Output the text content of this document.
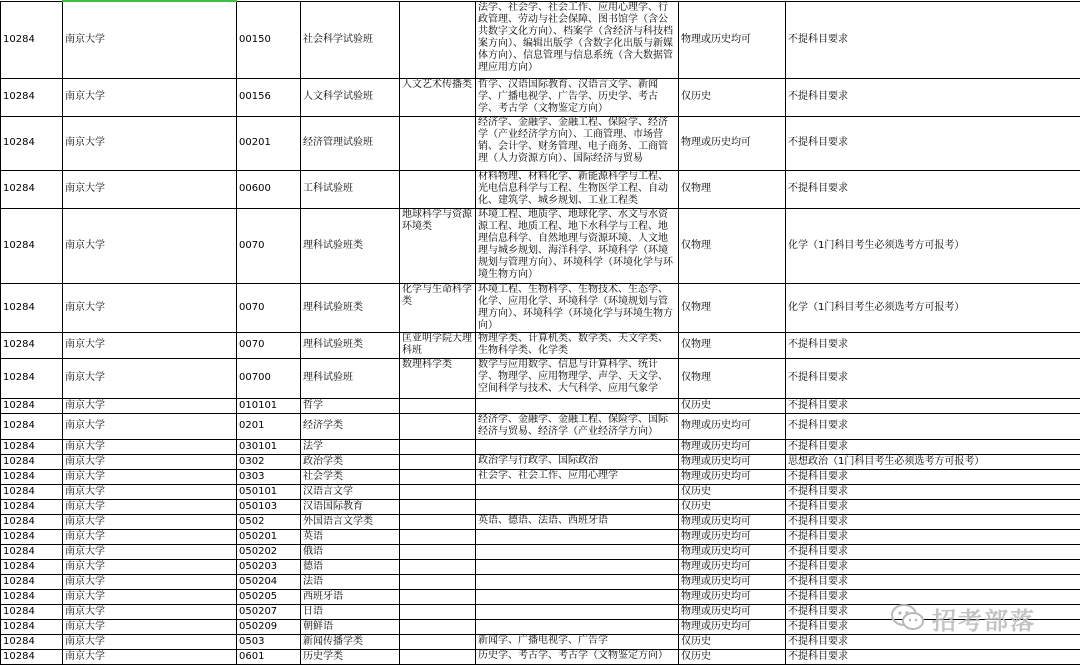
10284	南京大学	00150	社会科学试验班		法学、社会学、社会工作、应用心理学、行政管理、劳动与社会保障、图书馆学（含公共数字文化方向）、档案学（含经济与科技档案方向）、编辑出版学（含数字化出版与新媒体方向）、信息管理与信息系统（含大数据管理应用方向）	物理或历史均可	不提科目要求
10284	南京大学	00156	人文科学试验班	人文艺术传播类	哲学、汉语国际教育、汉语言文学、新闻学、广播电视学、广告学、历史学、考古学、考古学（文物鉴定方向）	仅历史	不提科目要求
10284	南京大学	00201	经济管理试验班		经济学、金融学、金融工程、保险学、经济学（产业经济学方向）、工商管理、市场营销、会计学、财务管理、电子商务、工商管理（人力资源方向）、国际经济与贸易	物理或历史均可	不提科目要求
10284	南京大学	00600	工科试验班		材料物理、材料化学、新能源科学与工程、光电信息科学与工程、生物医学工程、自动化、建筑学、城乡规划、工业工程类	仅物理	不提科目要求
10284	南京大学	0070	理科试验班类	地球科学与资源环境类	环境工程、地质学、地球化学、水文与水资源工程、地质工程、地下水科学与工程、地理信息科学、自然地理与资源环境、人文地理与城乡规划、海洋科学、环境科学（环境规划与管理方向）、环境科学（环境化学与环境生物方向）	仅物理	化学（1门科目考生必须选考方可报考）
10284	南京大学	0070	理科试验班类	化学与生命科学类	环境工程、生物科学、生物技术、生态学、化学、应用化学、环境科学（环境规划与管理方向）、环境科学（环境化学与环境生物方向）	仅物理	化学（1门科目考生必须选考方可报考）
10284	南京大学	0070	理科试验班类	匡亚明学院大理科班	物理学类、计算机类、数学类、天文学类、生物科学类、化学类	仅物理	不提科目要求
10284	南京大学	00700	理科试验班	数理科学类	数学与应用数学、信息与计算科学、统计学、物理学、应用物理学、声学、天文学、空间科学与技术、大气科学、应用气象学	仅物理	不提科目要求
10284	南京大学	010101	哲学			仅历史	不提科目要求
10284	南京大学	0201	经济学类		经济学、金融学、金融工程、保险学、国际经济与贸易、经济学（产业经济学方向）	物理或历史均可	不提科目要求
10284	南京大学	030101	法学			物理或历史均可	不提科目要求
10284	南京大学	0302	政治学类		政治学与行政学、国际政治	物理或历史均可	思想政治（1门科目考生必须选考方可报考）
10284	南京大学	0303	社会学类		社会学、社会工作、应用心理学	物理或历史均可	不提科目要求
10284	南京大学	050101	汉语言文学			仅历史	不提科目要求
10284	南京大学	050103	汉语国际教育			仅历史	不提科目要求
10284	南京大学	0502	外国语言文学类		英语、德语、法语、西班牙语	物理或历史均可	不提科目要求
10284	南京大学	050201	英语			物理或历史均可	不提科目要求
10284	南京大学	050202	俄语			物理或历史均可	不提科目要求
10284	南京大学	050203	德语			物理或历史均可	不提科目要求
10284	南京大学	050204	法语			物理或历史均可	不提科目要求
10284	南京大学	050205	西班牙语			物理或历史均可	不提科目要求
10284	南京大学	050207	日语			物理或历史均可	不提科目要求
10284	南京大学	050209	朝鲜语			物理或历史均可	不提科目要求
10284	南京大学	0503	新闻传播学类		新闻学、广播电视学、广告学	仅历史	不提科目要求
10284	南京大学	0601	历史学类		历史学、考古学、考古学（文物鉴定方向）	仅历史	不提科目要求
招考部落
